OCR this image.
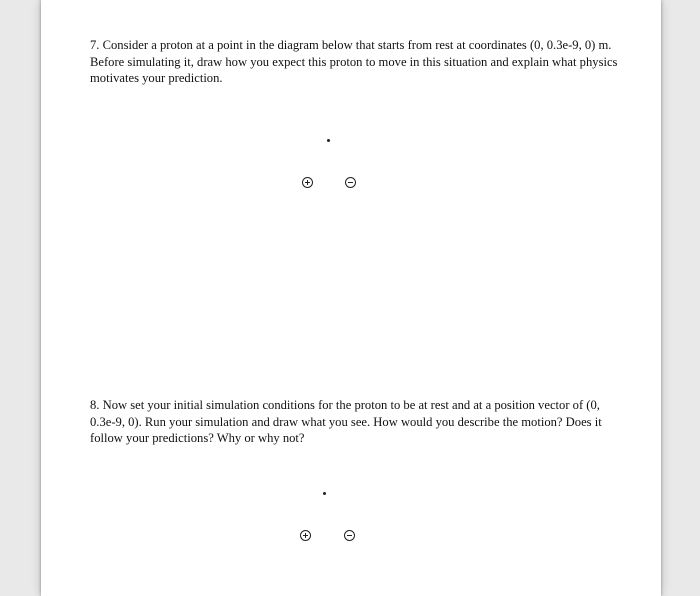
7. Consider a proton at a point in the diagram below that starts from rest at coordinates (0, 0.3e-9, 0) m. Before simulating it, draw how you expect this proton to move in this situation and explain what physics motivates your prediction.

8. Now set your initial simulation conditions for the proton to be at rest and at a position vector of (0, 0.3e-9, 0). Run your simulation and draw what you see. How would you describe the motion? Does it follow your predictions? Why or why not?
